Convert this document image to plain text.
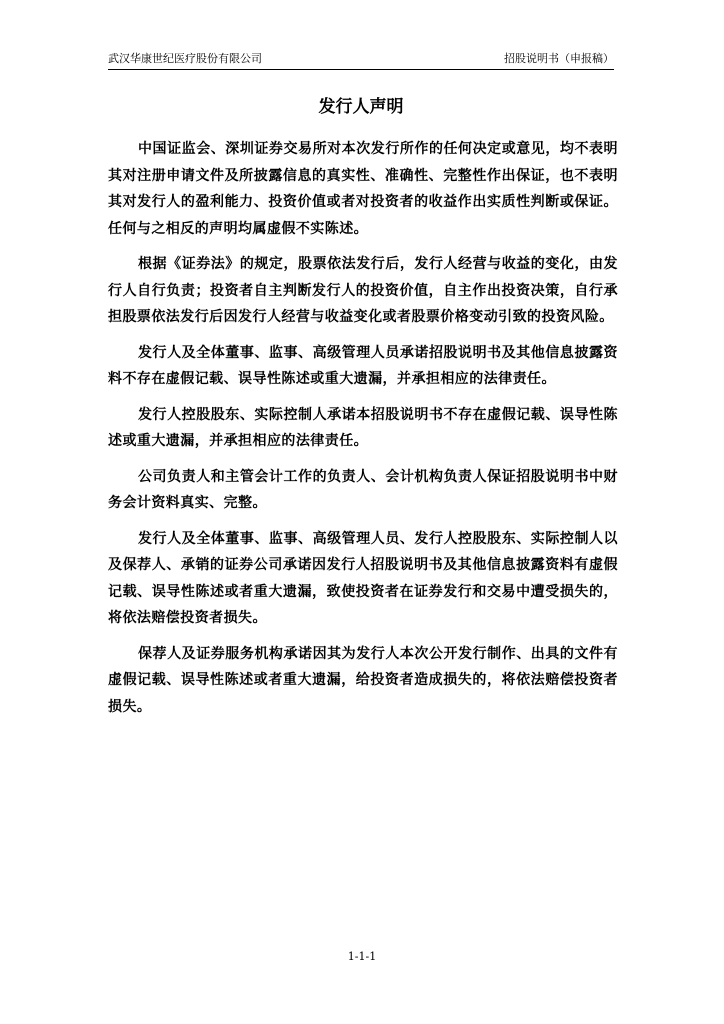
武汉华康世纪医疗股份有限公司	招股说明书（申报稿）
发行人声明

中国证监会、深圳证券交易所对本次发行所作的任何决定或意见，均不表明其对注册申请文件及所披露信息的真实性、准确性、完整性作出保证，也不表明其对发行人的盈利能力、投资价值或者对投资者的收益作出实质性判断或保证。任何与之相反的声明均属虚假不实陈述。

根据《证券法》的规定，股票依法发行后，发行人经营与收益的变化，由发行人自行负责；投资者自主判断发行人的投资价值，自主作出投资决策，自行承担股票依法发行后因发行人经营与收益变化或者股票价格变动引致的投资风险。

发行人及全体董事、监事、高级管理人员承诺招股说明书及其他信息披露资料不存在虚假记载、误导性陈述或重大遗漏，并承担相应的法律责任。

发行人控股股东、实际控制人承诺本招股说明书不存在虚假记载、误导性陈述或重大遗漏，并承担相应的法律责任。

公司负责人和主管会计工作的负责人、会计机构负责人保证招股说明书中财务会计资料真实、完整。

发行人及全体董事、监事、高级管理人员、发行人控股股东、实际控制人以及保荐人、承销的证券公司承诺因发行人招股说明书及其他信息披露资料有虚假记载、误导性陈述或者重大遗漏，致使投资者在证券发行和交易中遭受损失的，将依法赔偿投资者损失。

保荐人及证券服务机构承诺因其为发行人本次公开发行制作、出具的文件有虚假记载、误导性陈述或者重大遗漏，给投资者造成损失的，将依法赔偿投资者损失。

1-1-1
